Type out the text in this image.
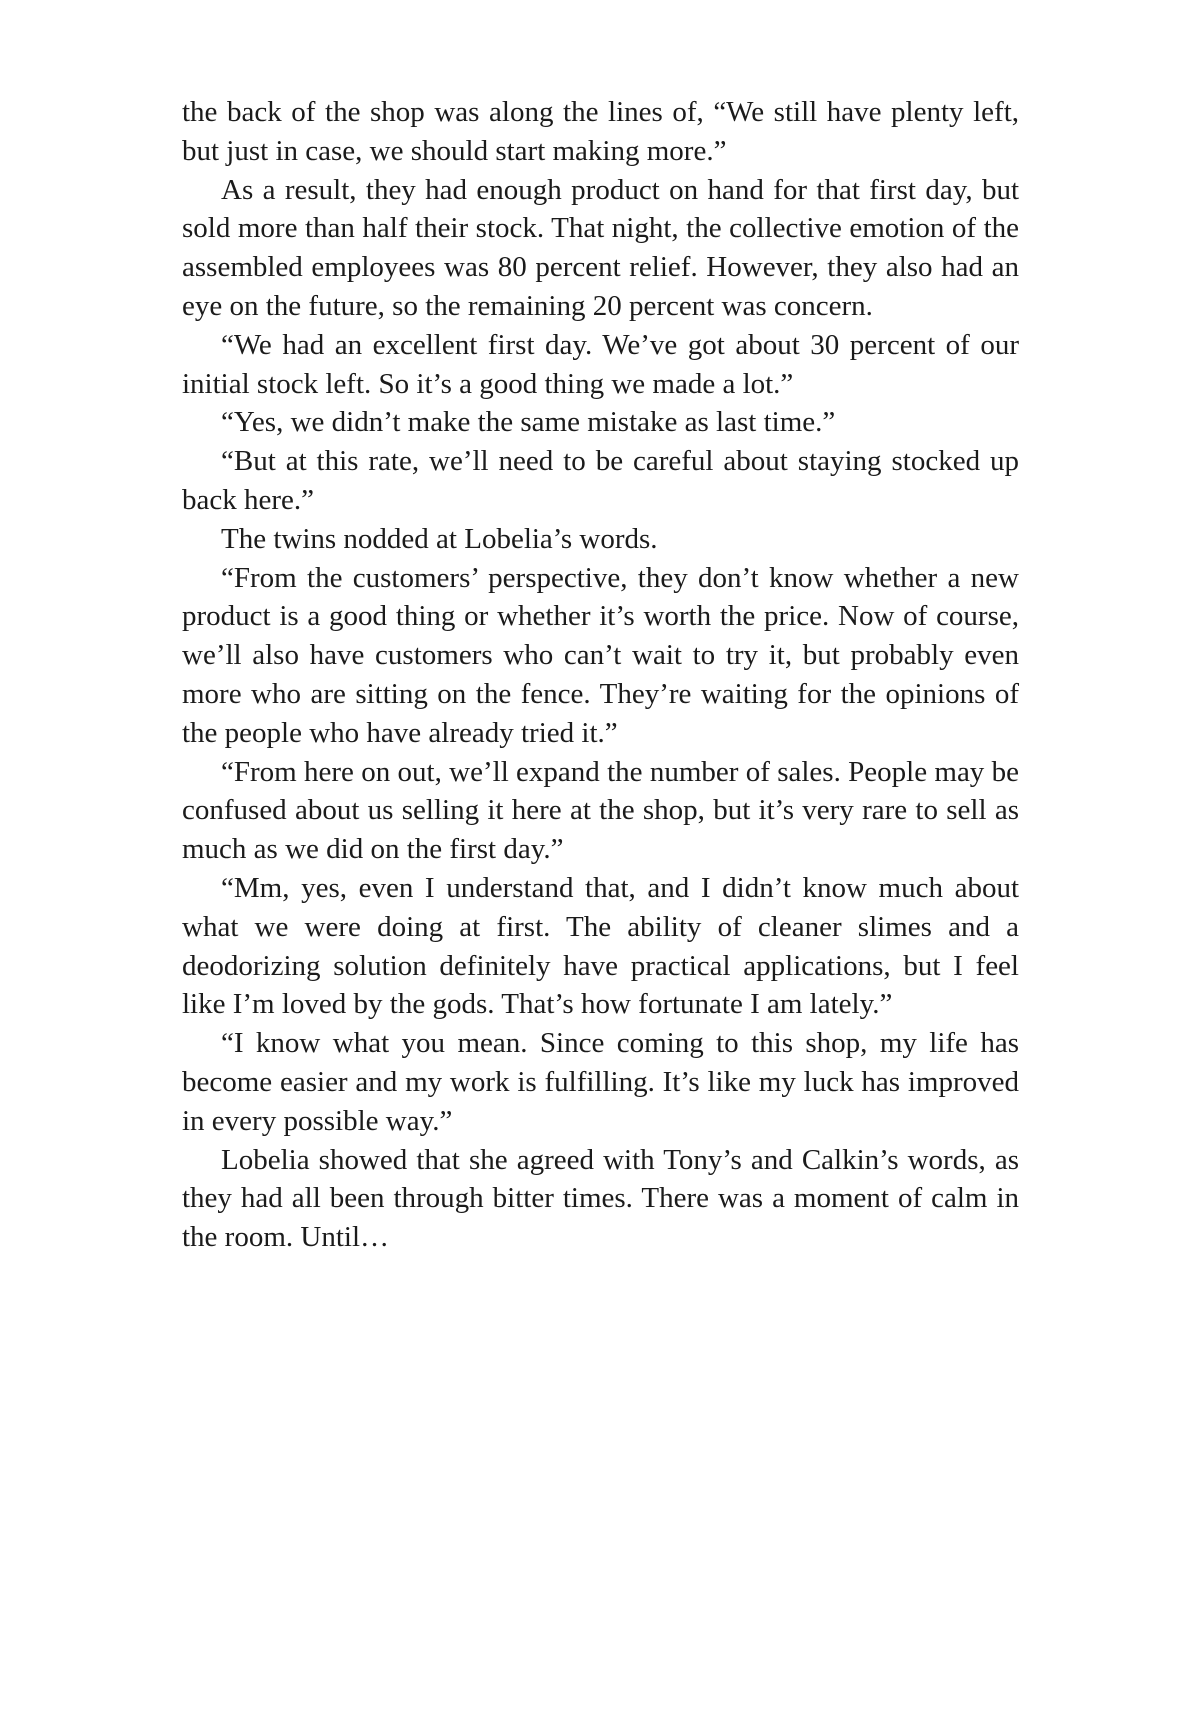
the back of the shop was along the lines of, “We still have plenty left, but just in case, we should start making more.”

As a result, they had enough product on hand for that first day, but sold more than half their stock. That night, the collective emotion of the assembled employees was 80 percent relief. However, they also had an eye on the future, so the remaining 20 percent was concern.

“We had an excellent first day. We’ve got about 30 percent of our initial stock left. So it’s a good thing we made a lot.”

“Yes, we didn’t make the same mistake as last time.”

“But at this rate, we’ll need to be careful about staying stocked up back here.”

The twins nodded at Lobelia’s words.

“From the customers’ perspective, they don’t know whether a new product is a good thing or whether it’s worth the price. Now of course, we’ll also have customers who can’t wait to try it, but probably even more who are sitting on the fence. They’re waiting for the opinions of the people who have already tried it.”

“From here on out, we’ll expand the number of sales. People may be confused about us selling it here at the shop, but it’s very rare to sell as much as we did on the first day.”

“Mm, yes, even I understand that, and I didn’t know much about what we were doing at first. The ability of cleaner slimes and a deodorizing solution definitely have practical applications, but I feel like I’m loved by the gods. That’s how fortunate I am lately.”

“I know what you mean. Since coming to this shop, my life has become easier and my work is fulfilling. It’s like my luck has improved in every possible way.”

Lobelia showed that she agreed with Tony’s and Calkin’s words, as they had all been through bitter times. There was a moment of calm in the room. Until…
